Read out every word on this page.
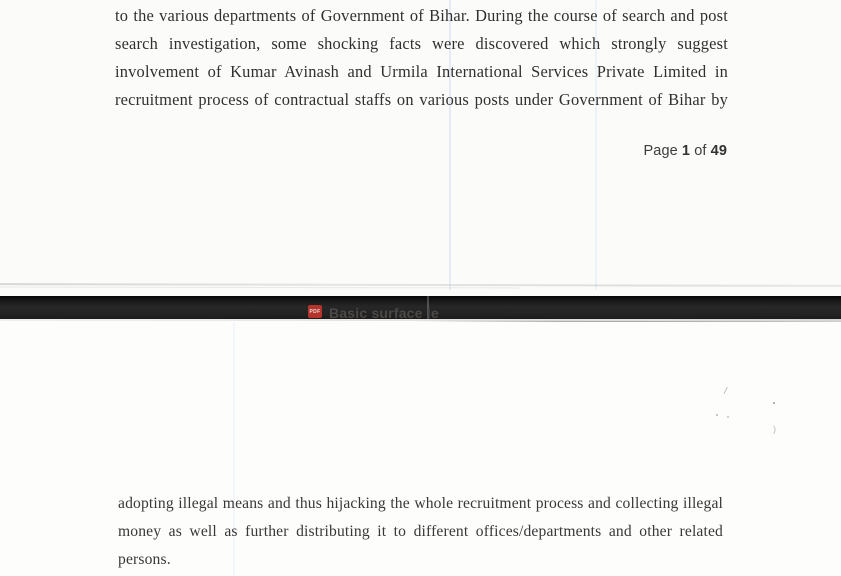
to the various departments of Government of Bihar. During the course of search and post
search investigation, some shocking facts were discovered which strongly suggest
involvement of Kumar Avinash and Urmila International Services Private Limited in
recruitment process of contractual staffs on various posts under Government of Bihar by
Page 1 of 49
PDF Basic surface le
/
)
adopting illegal means and thus hijacking the whole recruitment process and collecting illegal
money as well as further distributing it to different offices/departments and other related
persons.
